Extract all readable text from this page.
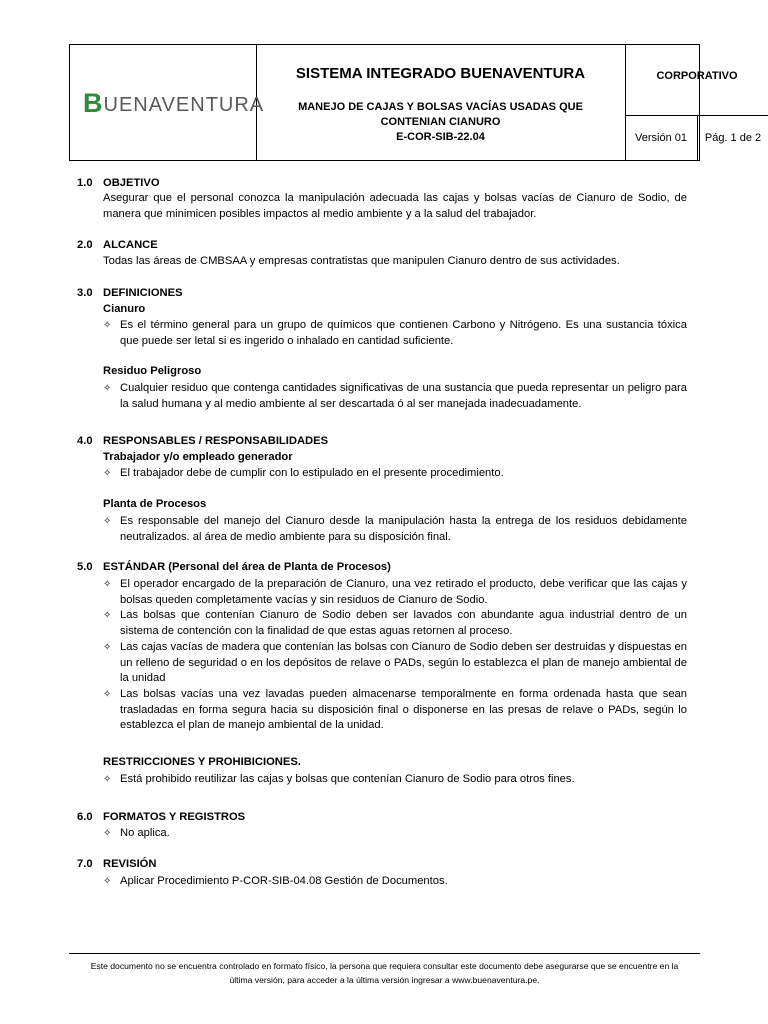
BUENAVENTURA
SISTEMA INTEGRADO BUENAVENTURA
MANEJO DE CAJAS Y BOLSAS VACÍAS USADAS QUE
CONTENIAN CIANURO
E-COR-SIB-22.04
CORPORATIVO
Versión 01	Pág. 1 de 2
1.0 OBJETIVO
Asegurar que el personal conozca la manipulación adecuada las cajas y bolsas vacías de Cianuro de Sodio, de manera que minimicen posibles impactos al medio ambiente y a la salud del trabajador.
2.0 ALCANCE
Todas las áreas de CMBSAA y empresas contratistas que manipulen Cianuro dentro de sus actividades.
3.0 DEFINICIONES
Cianuro
✧ Es el término general para un grupo de químicos que contienen Carbono y Nitrógeno. Es una sustancia tóxica que puede ser letal si es ingerido o inhalado en cantidad suficiente.
Residuo Peligroso
✧ Cualquier residuo que contenga cantidades significativas de una sustancia que pueda representar un peligro para la salud humana y al medio ambiente al ser descartada ó al ser manejada inadecuadamente.
4.0 RESPONSABLES / RESPONSABILIDADES
Trabajador y/o empleado generador
✧ El trabajador debe de cumplir con lo estipulado en el presente procedimiento.
Planta de Procesos
✧ Es responsable del manejo del Cianuro desde la manipulación hasta la entrega de los residuos debidamente neutralizados. al área de medio ambiente para su disposición final.
5.0 ESTÁNDAR (Personal del área de Planta de Procesos)
✧ El operador encargado de la preparación de Cianuro, una vez retirado el producto, debe verificar que las cajas y bolsas queden completamente vacías y sin residuos de Cianuro de Sodio.
✧ Las bolsas que contenían Cianuro de Sodio deben ser lavados con abundante agua industrial dentro de un sistema de contención con la finalidad de que estas aguas retornen al proceso.
✧ Las cajas vacías de madera que contenían las bolsas con Cianuro de Sodio deben ser destruidas y dispuestas en un relleno de seguridad o en los depósitos de relave o PADs, según lo establezca el plan de manejo ambiental de la unidad
✧ Las bolsas vacías una vez lavadas pueden almacenarse temporalmente en forma ordenada hasta que sean trasladadas en forma segura hacia su disposición final o disponerse en las presas de relave o PADs, según lo establezca el plan de manejo ambiental de la unidad.
RESTRICCIONES Y PROHIBICIONES.
✧ Está prohibido reutilizar las cajas y bolsas que contenían Cianuro de Sodio para otros fines.
6.0 FORMATOS Y REGISTROS
✧ No aplica.
7.0 REVISIÓN
✧ Aplicar Procedimiento P-COR-SIB-04.08 Gestión de Documentos.
Este documento no se encuentra controlado en formato físico, la persona que requiera consultar este documento debe asegurarse que se encuentre en la
última versión, para acceder a la última versión ingresar a www.buenaventura.pe.
